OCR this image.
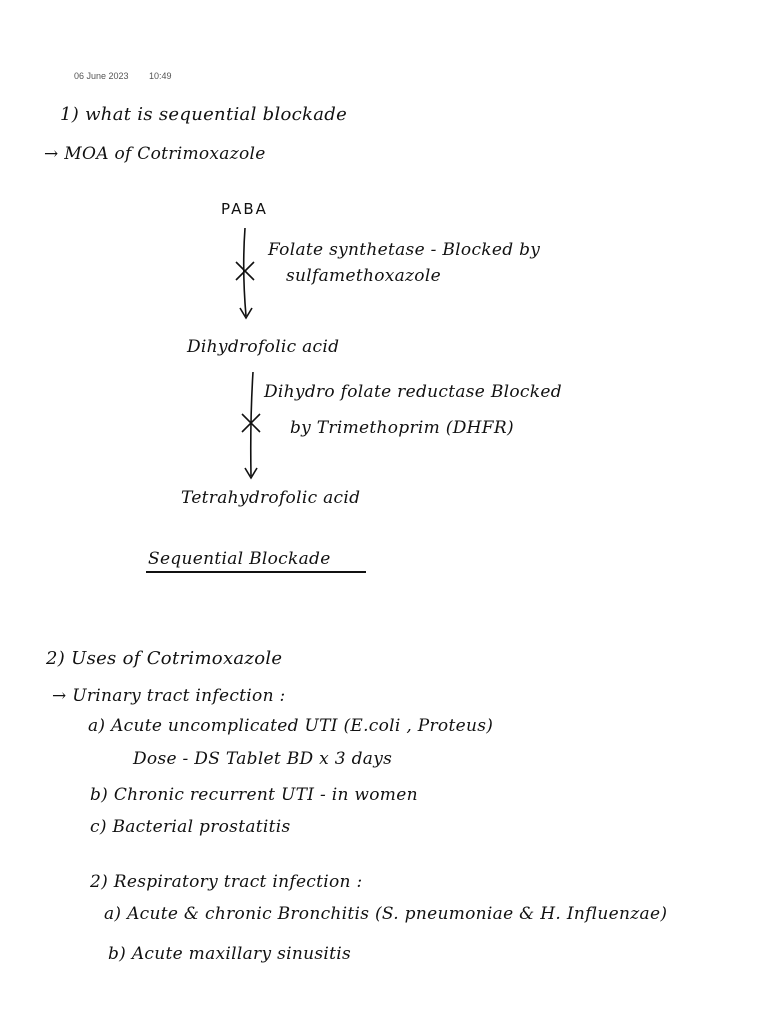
06 June 2023 10:49
1) what is sequential blockade
→ MOA of Cotrimoxazole
PABA
Folate synthetase - Blocked by
sulfamethoxazole
Dihydrofolic acid
Dihydro folate reductase Blocked
by Trimethoprim (DHFR)
Tetrahydrofolic acid
Sequential Blockade
2) Uses of Cotrimoxazole
→ Urinary tract infection :
a) Acute uncomplicated UTI (E.coli , Proteus)
Dose - DS Tablet BD x 3 days
b) Chronic recurrent UTI - in women
c) Bacterial prostatitis
2) Respiratory tract infection :
a) Acute & chronic Bronchitis (S. pneumoniae & H. Influenzae)
b) Acute maxillary sinusitis
